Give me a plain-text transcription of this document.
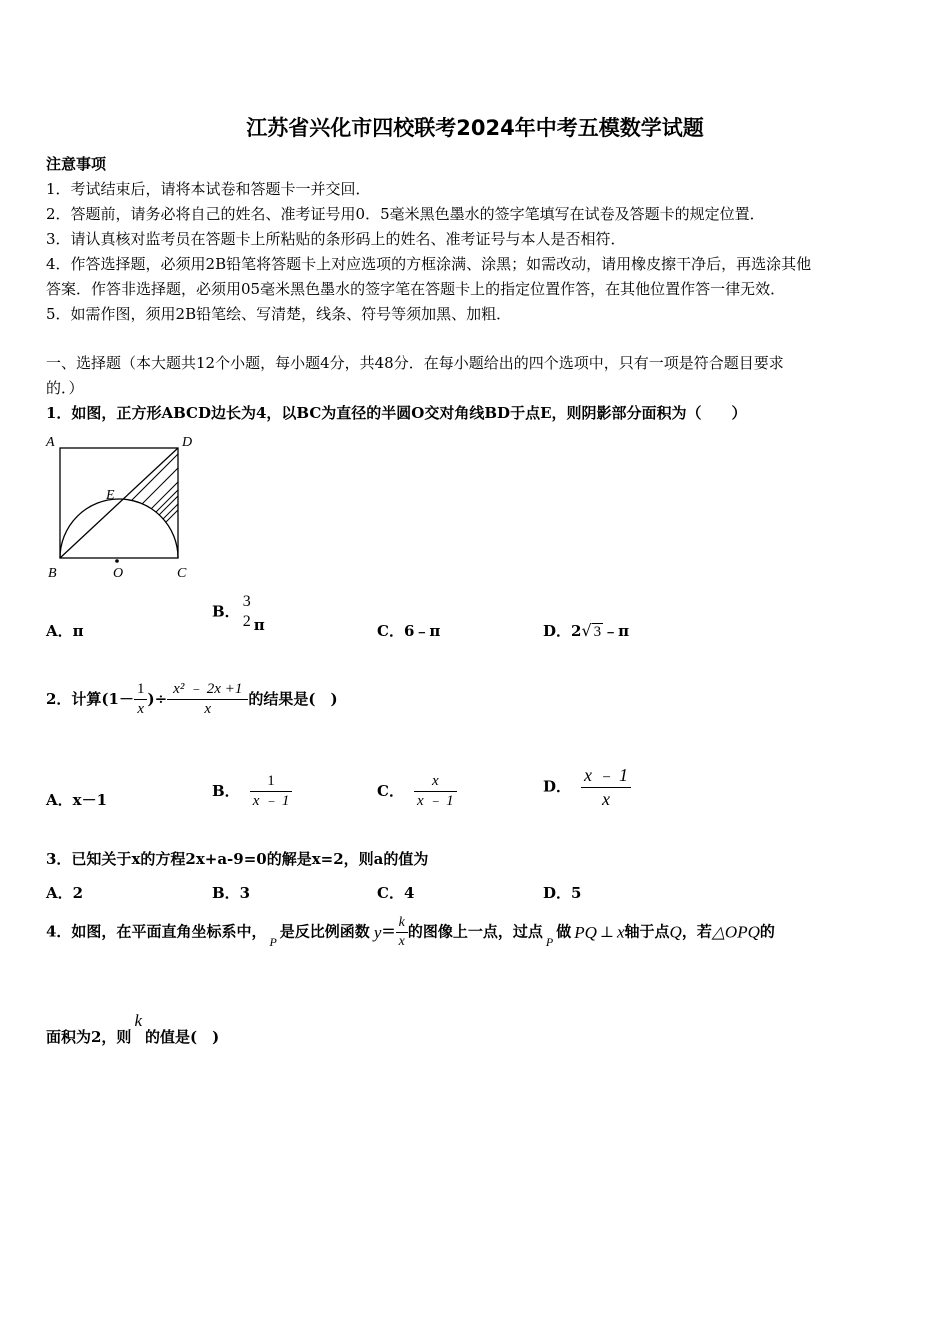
江苏省兴化市四校联考2024年中考五模数学试题
注意事项
1．考试结束后，请将本试卷和答题卡一并交回．
2．答题前，请务必将自己的姓名、准考证号用0．5毫米黑色墨水的签字笔填写在试卷及答题卡的规定位置．
3．请认真核对监考员在答题卡上所粘贴的条形码上的姓名、准考证号与本人是否相符．
4．作答选择题，必须用2B铅笔将答题卡上对应选项的方框涂满、涂黑；如需改动，请用橡皮擦干净后，再选涂其他
答案．作答非选择题，必须用05毫米黑色墨水的签字笔在答题卡上的指定位置作答，在其他位置作答一律无效．
5．如需作图，须用2B铅笔绘、写清楚，线条、符号等须加黑、加粗．
一、选择题（本大题共12个小题，每小题4分，共48分．在每小题给出的四个选项中，只有一项是符合题目要求
的．）
1．如图，正方形ABCD边长为4，以BC为直径的半圆O交对角线BD于点E，则阴影部分面积为（　　）
A	D
E
B	O	C
A．π
B．
3
2 π	C．6﹣π	D．2√ 3 ﹣π
2．计算($1- \frac{1}{x}$ )÷ $\frac{\text{x² ﹣ 2x +1}}{x}$ 的结果是(　)
A．x－1
B． $\frac{1}{x ﹣ 1}$	C． $\frac{x}{x ﹣ 1}$	D． $\frac{x ﹣ 1}{x}$
3．已知关于x的方程2x+a-9=0的解是x=2，则a的值为
A．2	B．3	C．4	D．5
4．如图，在平面直角坐标系中，$_P$是反比例函数 $y= \frac{k}{x}$ 的图像上一点，过点$_P$做 PQ ⊥ x轴于点Q，若△OPQ的
面积为2，则k的值是(　)
